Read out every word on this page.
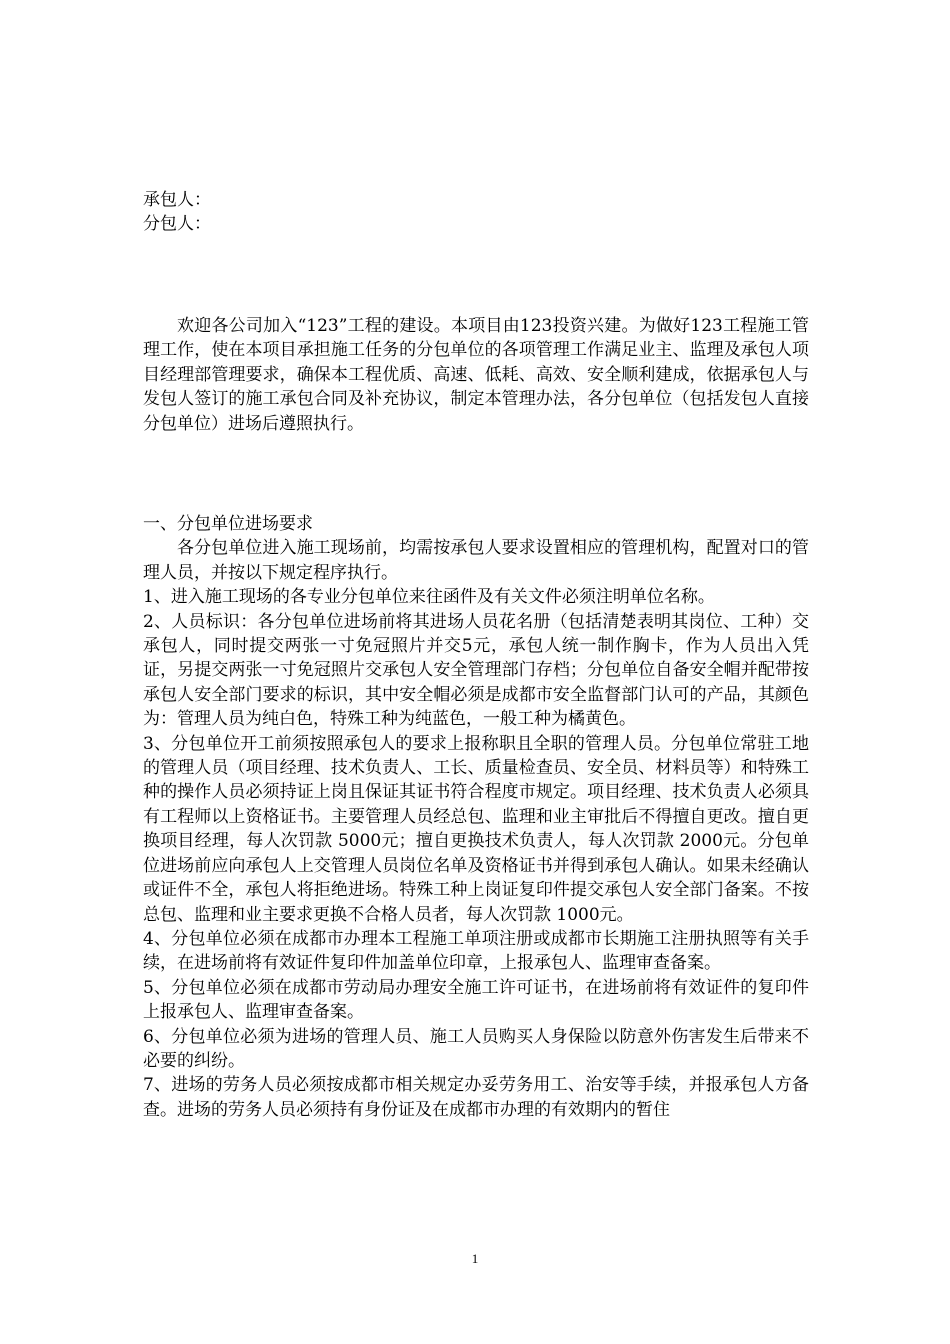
承包人：
分包人：

欢迎各公司加入“123”工程的建设。本项目由123投资兴建。为做好123工程施工管理工作，使在本项目承担施工任务的分包单位的各项管理工作满足业主、监理及承包人项目经理部管理要求，确保本工程优质、高速、低耗、高效、安全顺利建成，依据承包人与发包人签订的施工承包合同及补充协议，制定本管理办法，各分包单位（包括发包人直接分包单位）进场后遵照执行。

一、分包单位进场要求

各分包单位进入施工现场前，均需按承包人要求设置相应的管理机构，配置对口的管理人员，并按以下规定程序执行。

1、进入施工现场的各专业分包单位来往函件及有关文件必须注明单位名称。

2、人员标识：各分包单位进场前将其进场人员花名册（包括清楚表明其岗位、工种）交承包人，同时提交两张一寸免冠照片并交5元，承包人统一制作胸卡，作为人员出入凭证，另提交两张一寸免冠照片交承包人安全管理部门存档；分包单位自备安全帽并配带按承包人安全部门要求的标识，其中安全帽必须是成都市安全监督部门认可的产品，其颜色为：管理人员为纯白色，特殊工种为纯蓝色，一般工种为橘黄色。

3、分包单位开工前须按照承包人的要求上报称职且全职的管理人员。分包单位常驻工地的管理人员（项目经理、技术负责人、工长、质量检查员、安全员、材料员等）和特殊工种的操作人员必须持证上岗且保证其证书符合程度市规定。项目经理、技术负责人必须具有工程师以上资格证书。主要管理人员经总包、监理和业主审批后不得擅自更改。擅自更换项目经理，每人次罚款 5000元；擅自更换技术负责人，每人次罚款 2000元。分包单位进场前应向承包人上交管理人员岗位名单及资格证书并得到承包人确认。如果未经确认或证件不全，承包人将拒绝进场。特殊工种上岗证复印件提交承包人安全部门备案。不按总包、监理和业主要求更换不合格人员者，每人次罚款 1000元。

4、分包单位必须在成都市办理本工程施工单项注册或成都市长期施工注册执照等有关手续，在进场前将有效证件复印件加盖单位印章，上报承包人、监理审查备案。

5、分包单位必须在成都市劳动局办理安全施工许可证书，在进场前将有效证件的复印件上报承包人、监理审查备案。

6、分包单位必须为进场的管理人员、施工人员购买人身保险以防意外伤害发生后带来不必要的纠纷。

7、进场的劳务人员必须按成都市相关规定办妥劳务用工、治安等手续，并报承包人方备查。进场的劳务人员必须持有身份证及在成都市办理的有效期内的暂住

1
